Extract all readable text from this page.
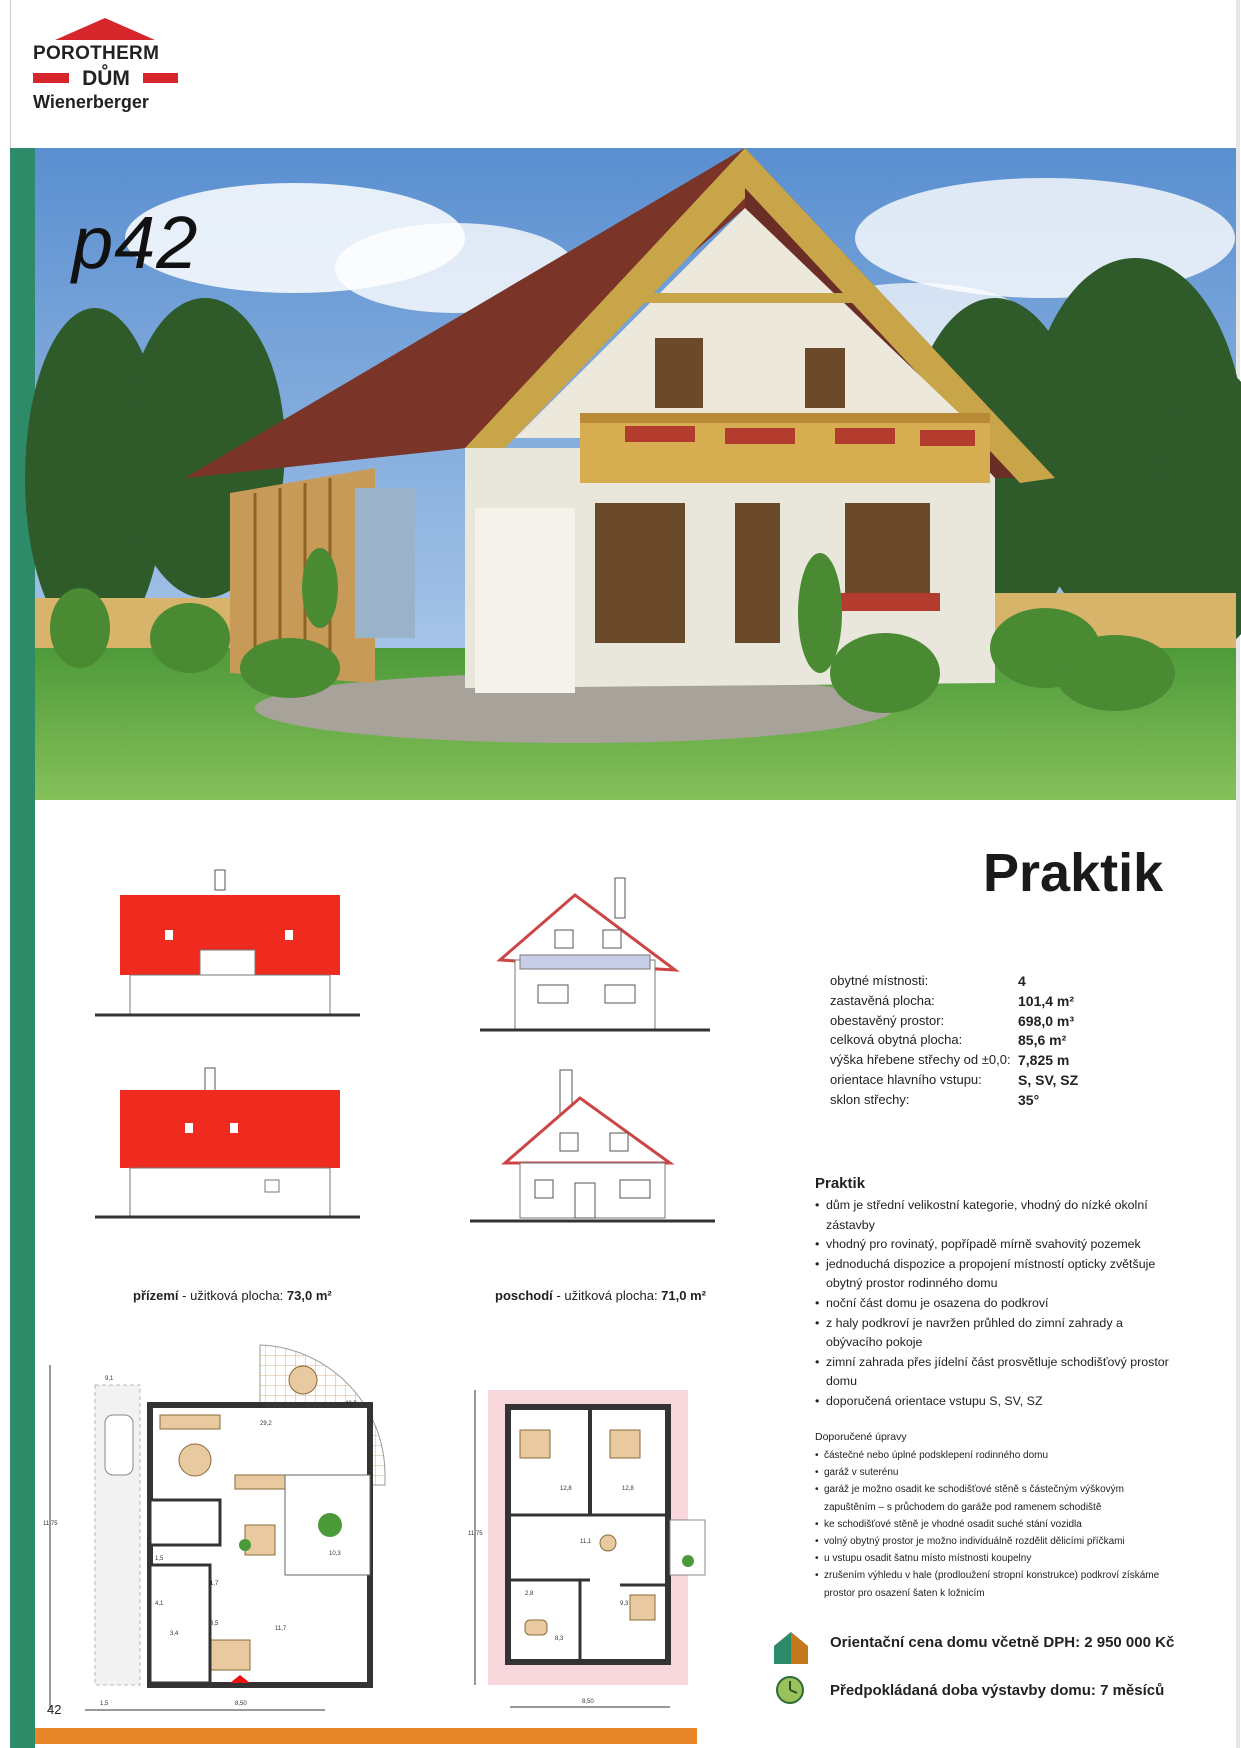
POROTHERM
DŮM
Wienerberger
p42
Praktik
přízemí - užitková plocha: 73,0 m²	poschodí - užitková plocha: 71,0 m²
29,2
40,0
10,3
11,7
1,5
1,7
4,1
3,4
3,5
1,5	8,50
11,75
9,1
12,8	12,8
11,1
2,8
8,3
9,3
8,50
11,75
obytné místnosti:	4
zastavěná plocha:	101,4 m²
obestavěný prostor:	698,0 m³
celková obytná plocha:	85,6 m²
výška hřebene střechy od ±0,0: 7,825 m
orientace hlavního vstupu:	S, SV, SZ
sklon střechy:	35°
Praktik
• dům je střední velikostní kategorie, vhodný do nízké okolní zástavby
• vhodný pro rovinatý, popřípadě mírně svahovitý pozemek
• jednoduchá dispozice a propojení místností opticky zvětšuje obytný prostor rodinného domu
• noční část domu je osazena do podkroví
• z haly podkroví je navržen průhled do zimní zahrady a obývacího pokoje
• zimní zahrada přes jídelní část prosvětluje schodišťový prostor domu
• doporučená orientace vstupu S, SV, SZ
Doporučené úpravy
• částečné nebo úplné podsklepení rodinného domu
• garáž v suterénu
• garáž je možno osadit ke schodišťové stěně s částečným výškovým zapuštěním – s průchodem do garáže pod ramenem schodiště
• ke schodišťové stěně je vhodné osadit suché stání vozidla
• volný obytný prostor je možno individuálně rozdělit dělicími příčkami
• u vstupu osadit šatnu místo místnosti koupelny
• zrušením výhledu v hale (prodloužení stropní konstrukce) podkroví získáme prostor pro osazení šaten k ložnicím
Orientační cena domu včetně DPH: 2 950 000 Kč
Předpokládaná doba výstavby domu: 7 měsíců
42
